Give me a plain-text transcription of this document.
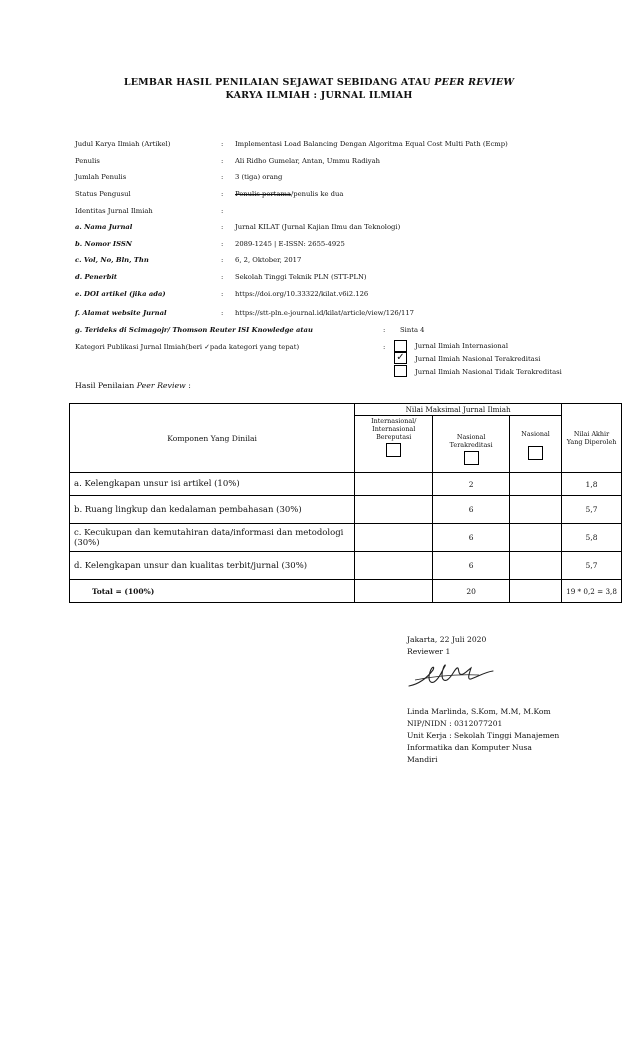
LEMBAR HASIL PENILAIAN SEJAWAT SEBIDANG ATAU PEER REVIEW
KARYA ILMIAH : JURNAL ILMIAH
Judul Karya Ilmiah (Artikel)	: Implementasi Load Balancing Dengan Algoritma Equal Cost Multi Path (Ecmp)
Penulis	: Ali Ridho Gumelar, Antan, Ummu Radiyah
Jumlah Penulis	: 3 (tiga) orang
Status Pengusul	: Penulis pertama/penulis ke dua
Identitas Jurnal Ilmiah	:
a. Nama Jurnal	: Jurnal KILAT (Jurnal Kajian Ilmu dan Teknologi)
b. Nomor ISSN	: 2089-1245 | E-ISSN: 2655-4925
c. Vol, No, Bln, Thn	: 6, 2, Oktober, 2017
d. Penerbit	: Sekolah Tinggi Teknik PLN (STT-PLN)
e. DOI artikel (jika ada)	: https://doi.org/10.33322/kilat.v6i2.126
f. Alamat website Jurnal	: https://stt-pln.e-journal.id/kilat/article/view/126/117
g. Terideks di Scimagojr/ Thomson Reuter ISI Knowledge atau	: Sinta 4
Kategori Publikasi Jurnal Ilmiah(beri ✓pada kategori yang tepat)	:	Jurnal Ilmiah Internasional
✓	Jurnal Ilmiah Nasional Terakreditasi
Jurnal Ilmiah Nasional Tidak Terakreditasi
Hasil Penilaian Peer Review :
Komponen Yang Dinilai	Nilai Maksimal Jurnal Ilmiah			Nilai Akhir Yang Diperoleh

	Internasional/ Internasional Bereputasi	Nasional Terakreditasi	Nasional	

a. Kelengkapan unsur isi artikel (10%)		2		1,8
b. Ruang lingkup dan kedalaman pembahasan (30%)		6		5,7
c. Kecukupan dan kemutahiran data/informasi dan metodologi (30%)		6		5,8
d. Kelengkapan unsur dan kualitas terbit/jurnal (30%)		6		5,7
Total = (100%)		20		19 * 0,2 = 3,8
Jakarta, 22 Juli 2020
Reviewer 1
Linda Marlinda, S.Kom, M.M, M.Kom
NIP/NIDN : 0312077201
Unit Kerja : Sekolah Tinggi Manajemen
Informatika dan Komputer Nusa
Mandiri
